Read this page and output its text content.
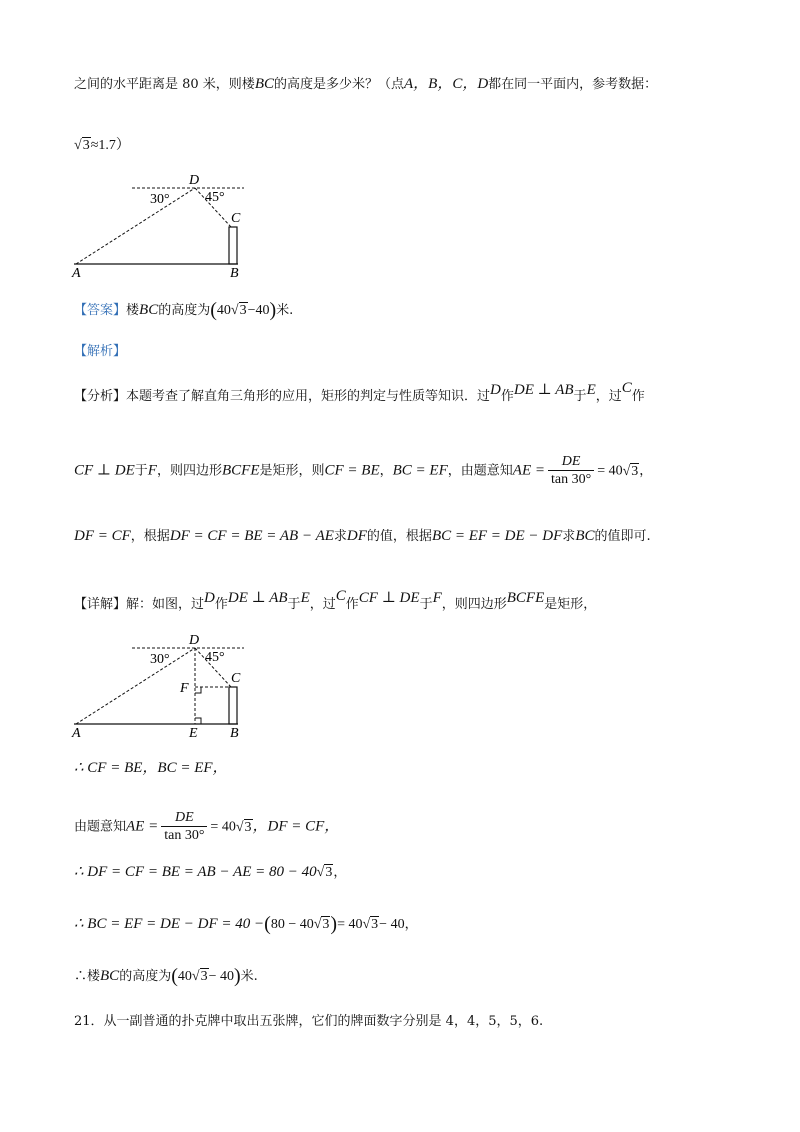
之间的水平距离是 80 米，则楼BC的高度是多少米？（点A，B，C，D都在同一平面内，参考数据：
√3≈1.7）
D
C
A	B
30°	45°
【答案】楼BC的高度为(40√3−40)米.
【解析】
【分析】本题考查了解直角三角形的应用，矩形的判定与性质等知识．过D作DE ⊥ AB于E，过C作
CF ⊥ DE于F，则四边形BCFE是矩形，则CF = BE，BC = EF，由题意知AE = $\frac{DE}{\tan 30^\circ} = 40√3$，
DF = CF，根据DF = CF = BE = AB − AE求DF的值，根据BC = EF = DE − DF求BC的值即可.
【详解】解：如图，过D作DE ⊥ AB于E，过C作CF ⊥ DE于F，则四边形BCFE是矩形，
D
C
F
A	E B
30°	45°
∴ CF = BE，BC = EF，
由题意知AE = $\frac{DE}{\tan 30^\circ} = 40√3$，DF = CF，
∴ DF = CF = BE = AB − AE = 80 − 40√3，
∴ BC = EF = DE − DF = 40 −(80 − 40√3)= 40√3− 40，
∴楼BC的高度为(40√3− 40)米.
21．从一副普通的扑克牌中取出五张牌，它们的牌面数字分别是 4，4，5，5，6.
